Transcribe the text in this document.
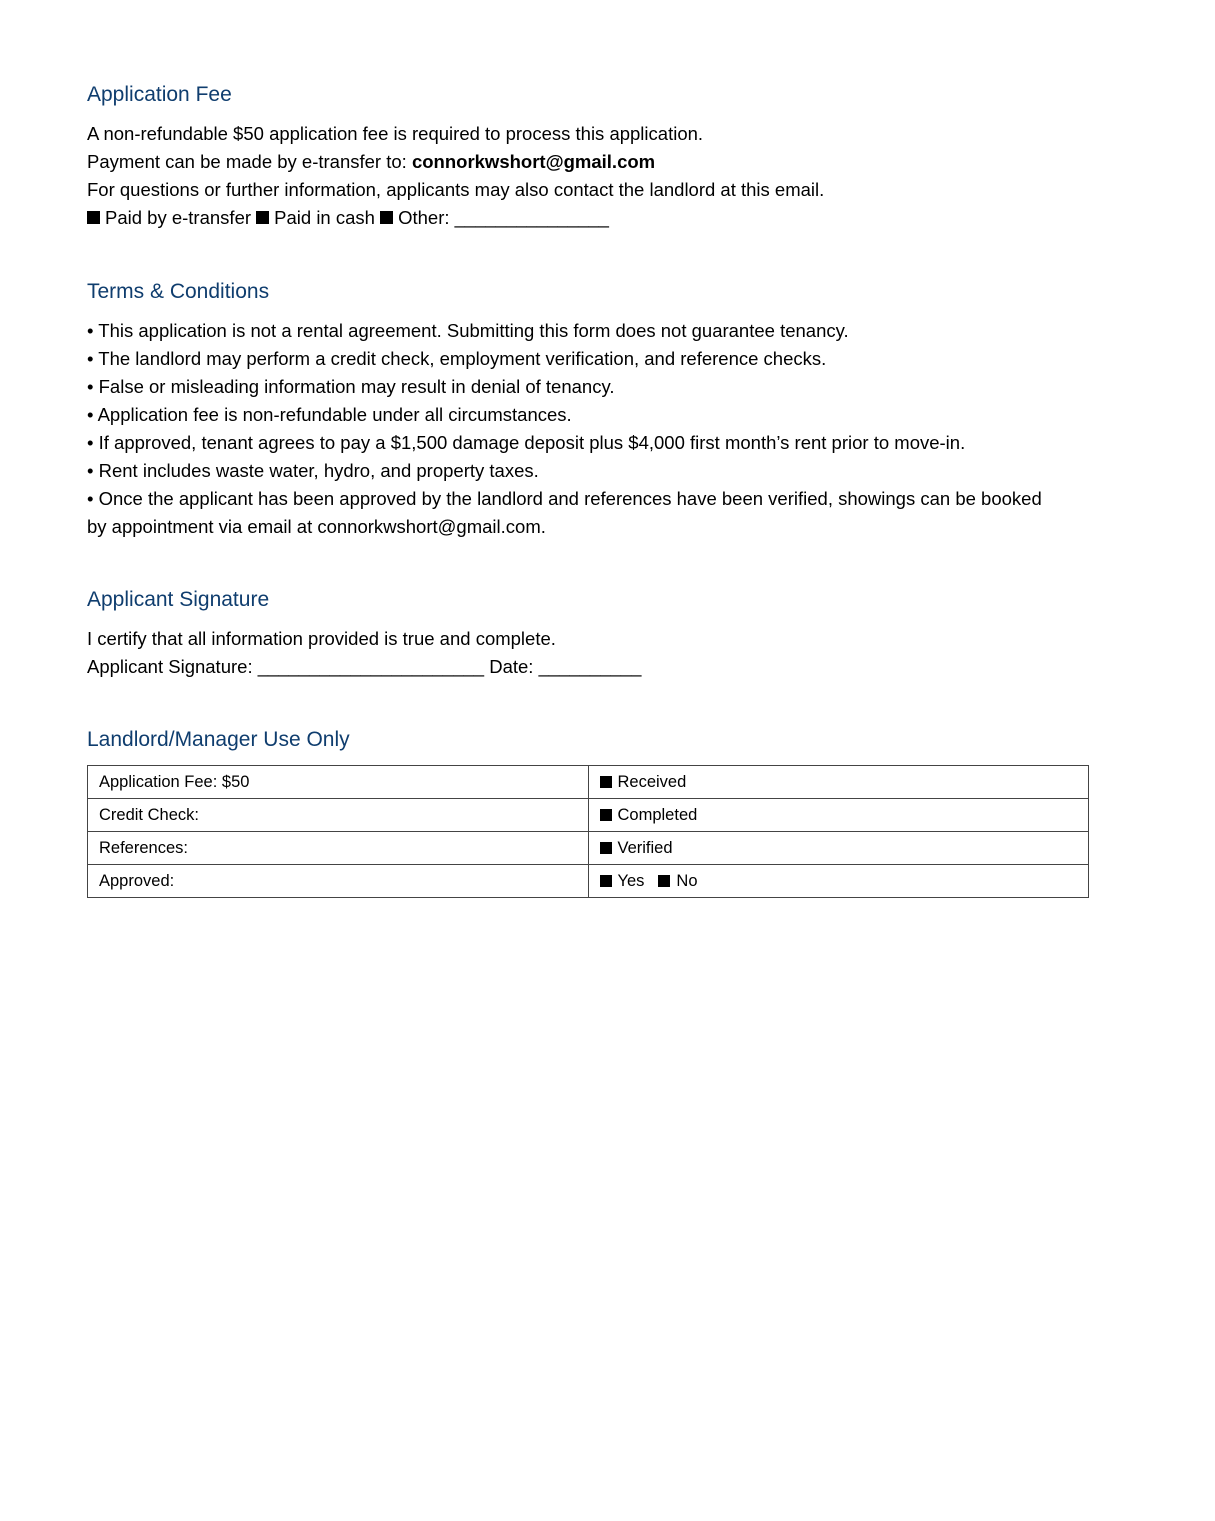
Application Fee
A non-refundable $50 application fee is required to process this application.
Payment can be made by e-transfer to: connorkwshort@gmail.com
For questions or further information, applicants may also contact the landlord at this email.
Paid by e-transfer Paid in cash Other: _______________
Terms & Conditions
• This application is not a rental agreement. Submitting this form does not guarantee tenancy.
• The landlord may perform a credit check, employment verification, and reference checks.
• False or misleading information may result in denial of tenancy.
• Application fee is non-refundable under all circumstances.
• If approved, tenant agrees to pay a $1,500 damage deposit plus $4,000 first month’s rent prior to move-in.
• Rent includes waste water, hydro, and property taxes.
• Once the applicant has been approved by the landlord and references have been verified, showings can be booked
by appointment via email at connorkwshort@gmail.com.
Applicant Signature
I certify that all information provided is true and complete.
Applicant Signature: ______________________ Date: __________
Landlord/Manager Use Only
Application Fee: $50	Received
Credit Check:	Completed
References:	Verified
Approved:	Yes No
